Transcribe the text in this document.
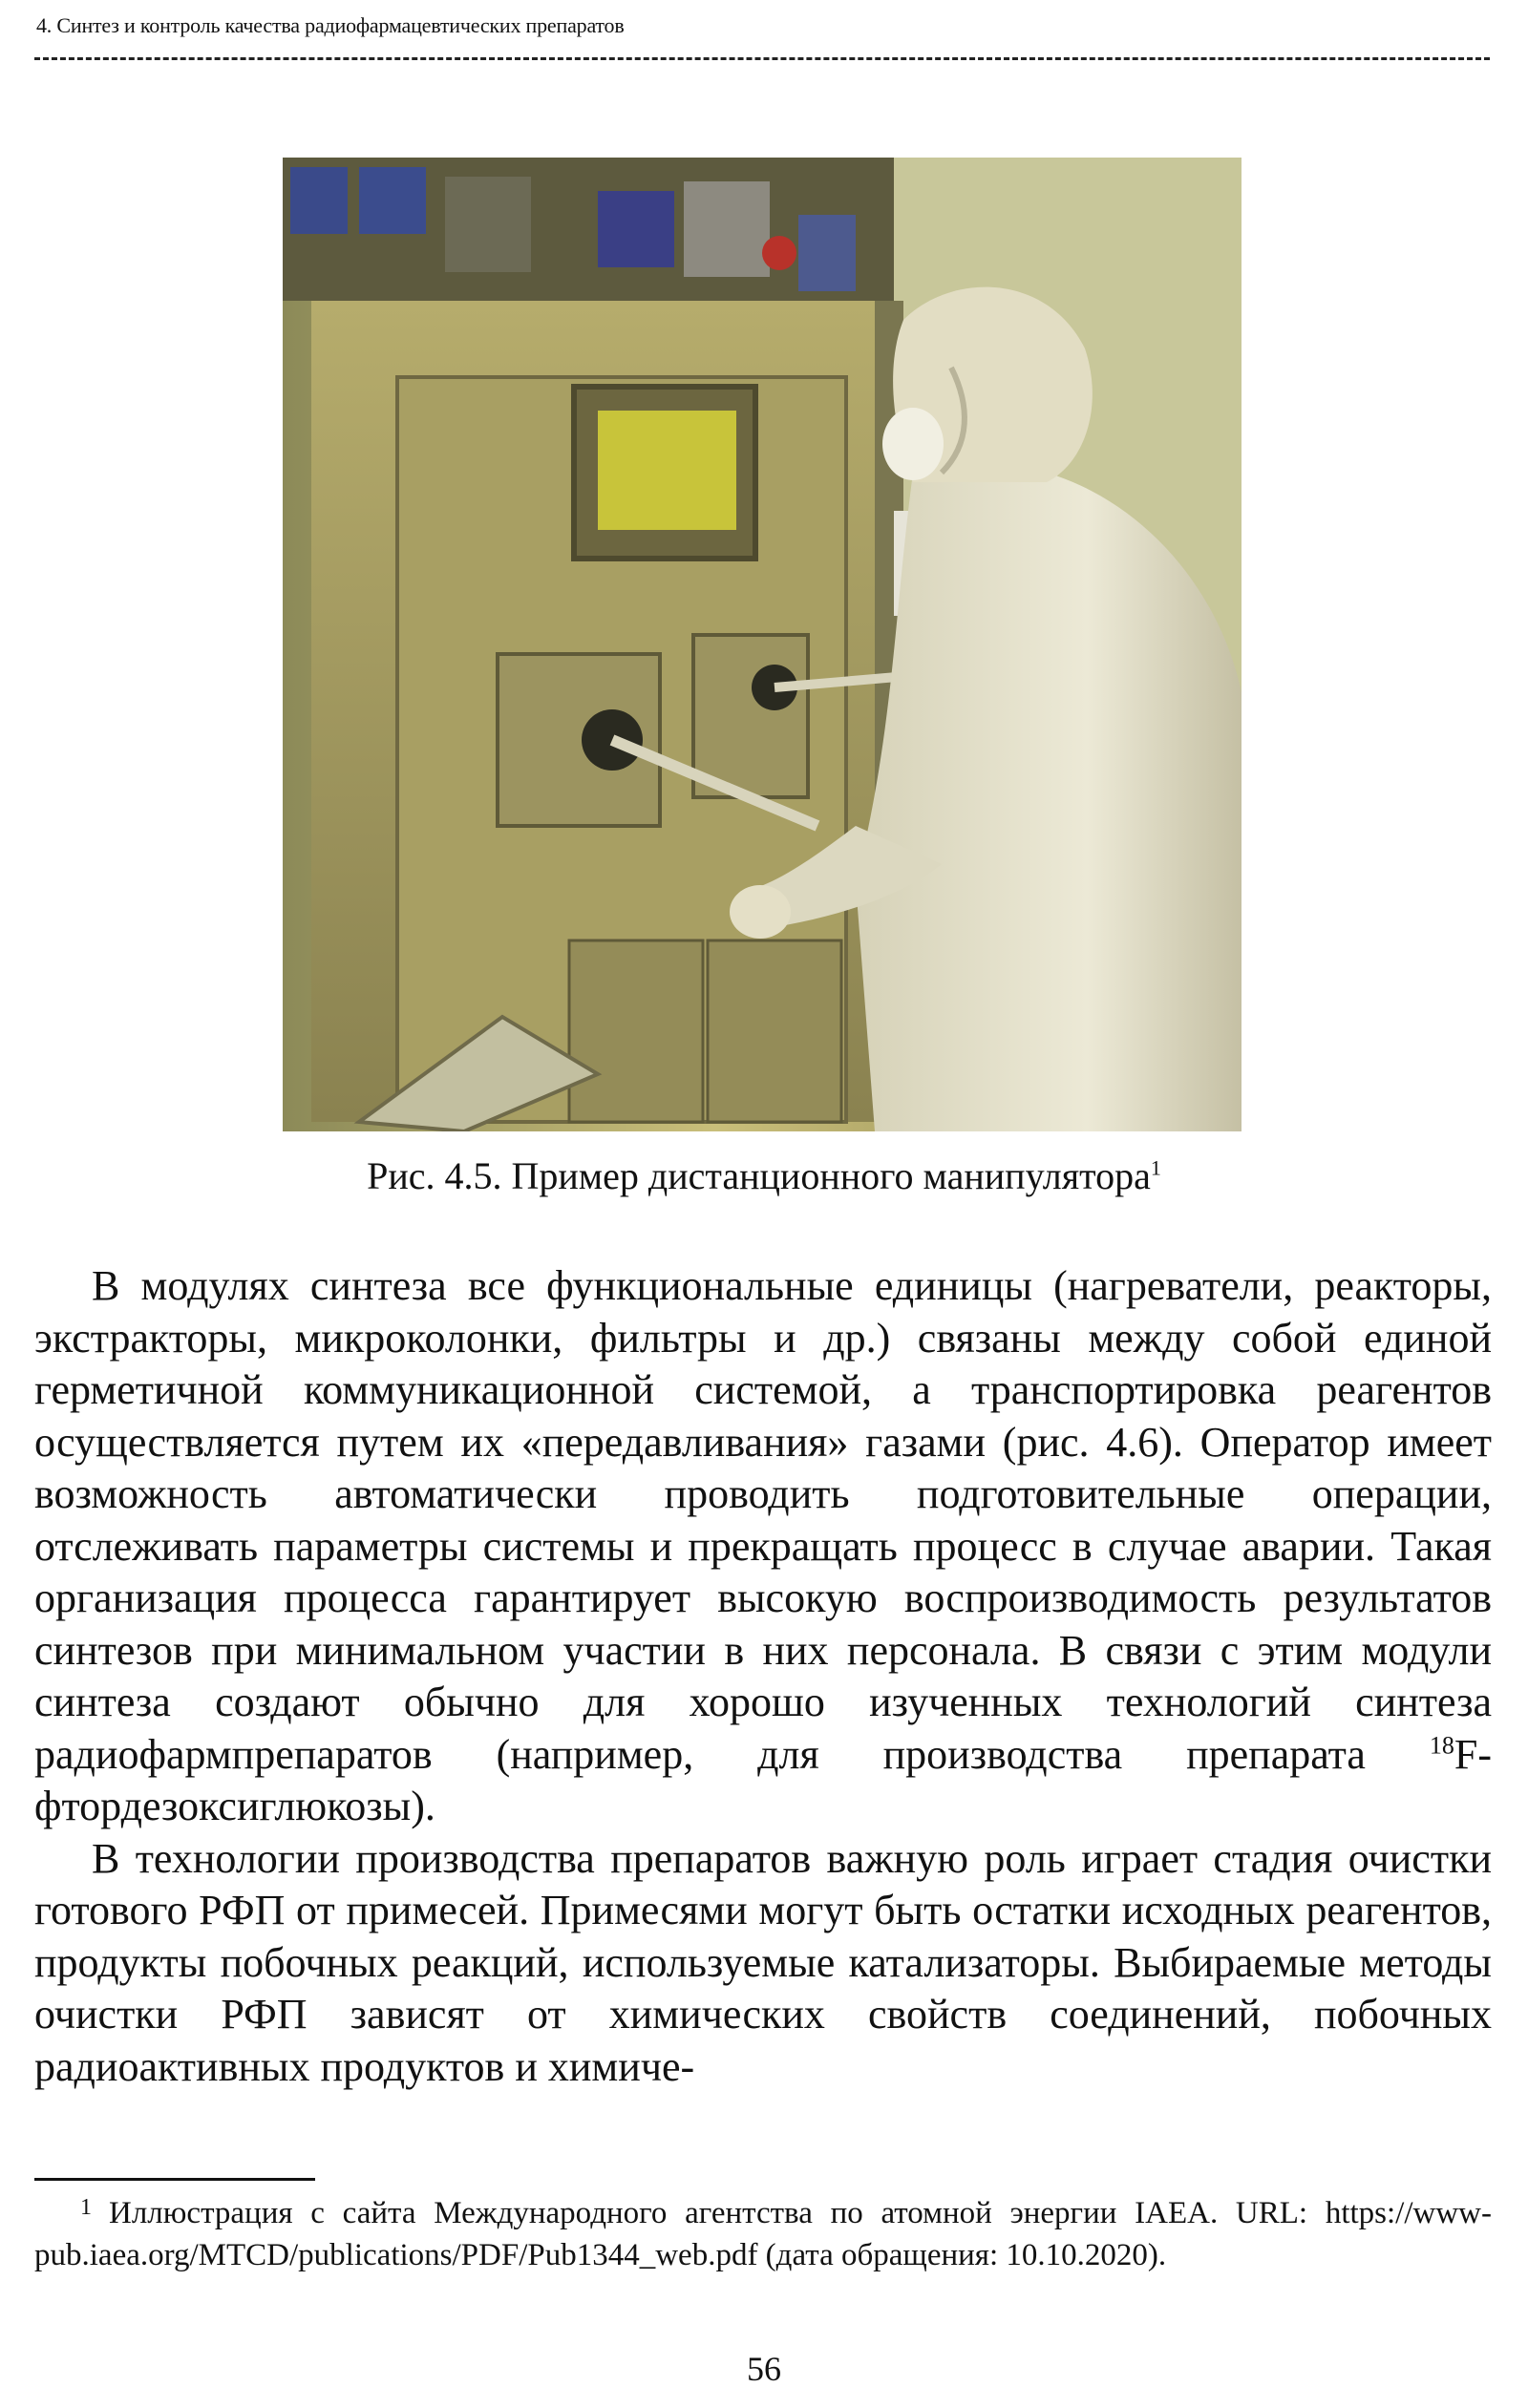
4. Синтез и контроль качества радиофармацевтических препаратов
Рис. 4.5. Пример дистанционного манипулятора$^1$

В модулях синтеза все функциональные единицы (нагреватели, реакторы, экстракторы, микроколонки, фильтры и др.) связаны между собой единой герметичной коммуникационной системой, а транспортировка реагентов осуществляется путем их «передавливания» газами (рис. 4.6). Оператор имеет возможность автоматически проводить подготовительные операции, отслеживать параметры системы и прекращать процесс в случае аварии. Такая организация процесса гарантирует высокую воспроизводимость результатов синтезов при минимальном участии в них персонала. В связи с этим модули синтеза создают обычно для хорошо изученных технологий синтеза радиофармпрепаратов (например, для производства препарата $^{18}$F-фтордезоксиглюкозы).

В технологии производства препаратов важную роль играет стадия очистки готового РФП от примесей. Примесями могут быть остатки исходных реагентов, продукты побочных реакций, используемые катализаторы. Выбираемые методы очистки РФП зависят от химических свойств соединений, побочных радиоактивных продуктов и химиче-

1 Иллюстрация с сайта Международного агентства по атомной энергии IAEA. URL: https://www-pub.iaea.org/MTCD/publications/PDF/Pub1344_web.pdf (дата обращения: 10.10.2020).
56
